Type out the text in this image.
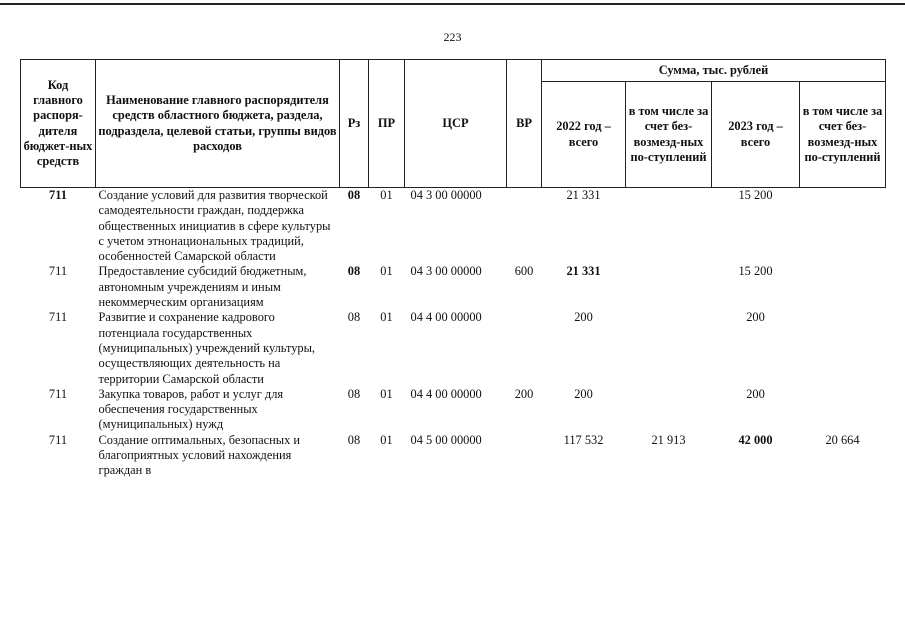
223
Код главного распоря-дителя бюджет-ных средств	Наименование главного распорядителя средств областного бюджета, раздела, подраздела, целевой статьи, группы видов расходов	Рз	ПР	ЦСР	ВР	Сумма, тыс. рублей			
						2022 год – всего	в том числе за счет без-возмезд-ных по-ступлений	2023 год – всего	в том числе за счет без-возмезд-ных по-ступлений
711	Создание условий для развития творческой самодеятельности граждан, поддержка общественных инициатив в сфере культуры с учетом этнонациональных традиций, особенностей Самарской области	08	01	04 3 00 00000		21 331		15 200	
711	Предоставление субсидий бюджетным, автономным учреждениям и иным некоммерческим организациям	08	01	04 3 00 00000	600	21 331		15 200	
711	Развитие и сохранение кадрового потенциала государственных (муниципальных) учреждений культуры, осуществляющих деятельность на территории Самарской области	08	01	04 4 00 00000		200		200	
711	Закупка товаров, работ и услуг для обеспечения государственных (муниципальных) нужд	08	01	04 4 00 00000	200	200		200	
711	Создание оптимальных, безопасных и благоприятных условий нахождения граждан в	08	01	04 5 00 00000		117 532	21 913	42 000	20 664
